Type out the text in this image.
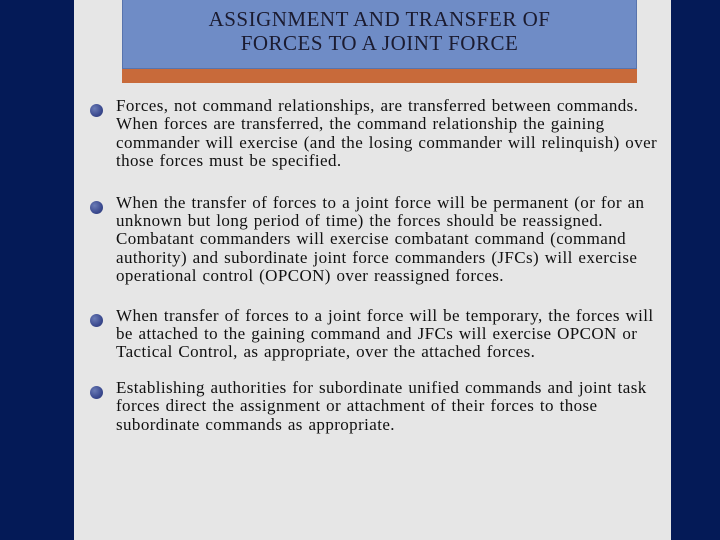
ASSIGNMENT AND TRANSFER OF
FORCES TO A JOINT FORCE
Forces, not command relationships, are transferred between commands. When forces are transferred, the command relationship the gaining commander will exercise (and the losing commander will relinquish) over those forces must be specified.
When the transfer of forces to a joint force will be permanent (or for an unknown but long period of time) the forces should be reassigned. Combatant commanders will exercise combatant command (command authority) and subordinate joint force commanders (JFCs) will exercise operational control (OPCON) over reassigned forces.
When transfer of forces to a joint force will be temporary, the forces will be attached to the gaining command and JFCs will exercise OPCON or Tactical Control, as appropriate, over the attached forces.
Establishing authorities for subordinate unified commands and joint task forces direct the assignment or attachment of their forces to those subordinate commands as appropriate.
